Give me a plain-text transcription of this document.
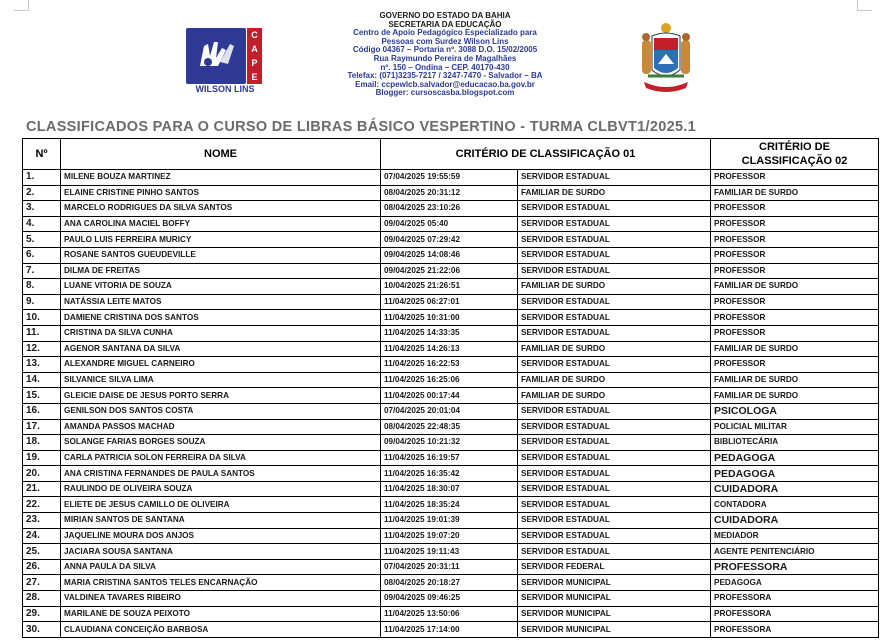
C
A
P
E
WILSON LINS
GOVERNO DO ESTADO DA BAHIA
SECRETARIA DA EDUCAÇÃO
Centro de Apoio Pedagógico Especializado para
Pessoas com Surdez Wilson Lins
Código 04367 – Portaria nº. 3088 D.O. 15/02/2005
Rua Raymundo Pereira de Magalhães
nº. 150 – Ondina – CEP. 40170-430
Telefax: (071)3235-7217 / 3247-7470 - Salvador – BA
Email: ccpewlcb.salvador@educacao.ba.gov.br
Blogger: cursoscasba.blogspot.com
CLASSIFICADOS PARA O CURSO DE LIBRAS BÁSICO VESPERTINO - TURMA CLBVT1/2025.1
Nº	NOME	CRITÉRIO DE CLASSIFICAÇÃO 01		CRITÉRIO DE CLASSIFICAÇÃO 02
1.	MILENE BOUZA MARTINEZ	07/04/2025 19:55:59	SERVIDOR ESTADUAL	PROFESSOR
2.	ELAINE CRISTINE PINHO SANTOS	08/04/2025 20:31:12	FAMILIAR DE SURDO	FAMILIAR DE SURDO
3.	MARCELO RODRIGUES DA SILVA SANTOS	08/04/2025 23:10:26	SERVIDOR ESTADUAL	PROFESSOR
4.	ANA CAROLINA MACIEL BOFFY	09/04/2025 05:40	SERVIDOR ESTADUAL	PROFESSOR
5.	PAULO LUIS FERREIRA MURICY	09/04/2025 07:29:42	SERVIDOR ESTADUAL	PROFESSOR
6.	ROSANE SANTOS GUEUDEVILLE	09/04/2025 14:08:46	SERVIDOR ESTADUAL	PROFESSOR
7.	DILMA DE FREITAS	09/04/2025 21:22:06	SERVIDOR ESTADUAL	PROFESSOR
8.	LUANE VITORIA DE SOUZA	10/04/2025 21:26:51	FAMILIAR DE SURDO	FAMILIAR DE SURDO
9.	NATÁSSIA LEITE MATOS	11/04/2025 06:27:01	SERVIDOR ESTADUAL	PROFESSOR
10.	DAMIENE CRISTINA DOS SANTOS	11/04/2025 10:31:00	SERVIDOR ESTADUAL	PROFESSOR
11.	CRISTINA DA SILVA CUNHA	11/04/2025 14:33:35	SERVIDOR ESTADUAL	PROFESSOR
12.	AGENOR SANTANA DA SILVA	11/04/2025 14:26:13	FAMILIAR DE SURDO	FAMILIAR DE SURDO
13.	ALEXANDRE MIGUEL CARNEIRO	11/04/2025 16:22:53	SERVIDOR ESTADUAL	PROFESSOR
14.	SILVANICE SILVA LIMA	11/04/2025 16:25:06	FAMILIAR DE SURDO	FAMILIAR DE SURDO
15.	GLEICIE DAISE DE JESUS PORTO SERRA	11/04/2025 00:17:44	FAMILIAR DE SURDO	FAMILIAR DE SURDO
16.	GENILSON DOS SANTOS COSTA	07/04/2025 20:01:04	SERVIDOR ESTADUAL	PSICOLOGA
17.	AMANDA PASSOS MACHAD	08/04/2025 22:48:35	SERVIDOR ESTADUAL	POLICIAL MILITAR
18.	SOLANGE FARIAS BORGES SOUZA	09/04/2025 10:21:32	SERVIDOR ESTADUAL	BIBLIOTECÁRIA
19.	CARLA PATRICIA SOLON FERREIRA DA SILVA	11/04/2025 16:19:57	SERVIDOR ESTADUAL	PEDAGOGA
20.	ANA CRISTINA FERNANDES DE PAULA SANTOS	11/04/2025 16:35:42	SERVIDOR ESTADUAL	PEDAGOGA
21.	RAULINDO DE OLIVEIRA SOUZA	11/04/2025 18:30:07	SERVIDOR ESTADUAL	CUIDADORA
22.	ELIETE DE JESUS CAMILLO DE OLIVEIRA	11/04/2025 18:35:24	SERVIDOR ESTADUAL	CONTADORA
23.	MIRIAN SANTOS DE SANTANA	11/04/2025 19:01:39	SERVIDOR ESTADUAL	CUIDADORA
24.	JAQUELINE MOURA DOS ANJOS	11/04/2025 19:07:20	SERVIDOR ESTADUAL	MEDIADOR
25.	JACIARA SOUSA SANTANA	11/04/2025 19:11:43	SERVIDOR ESTADUAL	AGENTE PENITENCIÁRIO
26.	ANNA PAULA DA SILVA	07/04/2025 20:31:11	SERVIDOR FEDERAL	PROFESSORA
27.	MARIA CRISTINA SANTOS TELES ENCARNAÇÃO	08/04/2025 20:18:27	SERVIDOR MUNICIPAL	PEDAGOGA
28.	VALDINEA TAVARES RIBEIRO	09/04/2025 09:46:25	SERVIDOR MUNICIPAL	PROFESSORA
29.	MARILANE DE SOUZA PEIXOTO	11/04/2025 13:50:06	SERVIDOR MUNICIPAL	PROFESSORA
30.	CLAUDIANA CONCEIÇÃO BARBOSA	11/04/2025 17:14:00	SERVIDOR MUNICIPAL	PROFESSORA
